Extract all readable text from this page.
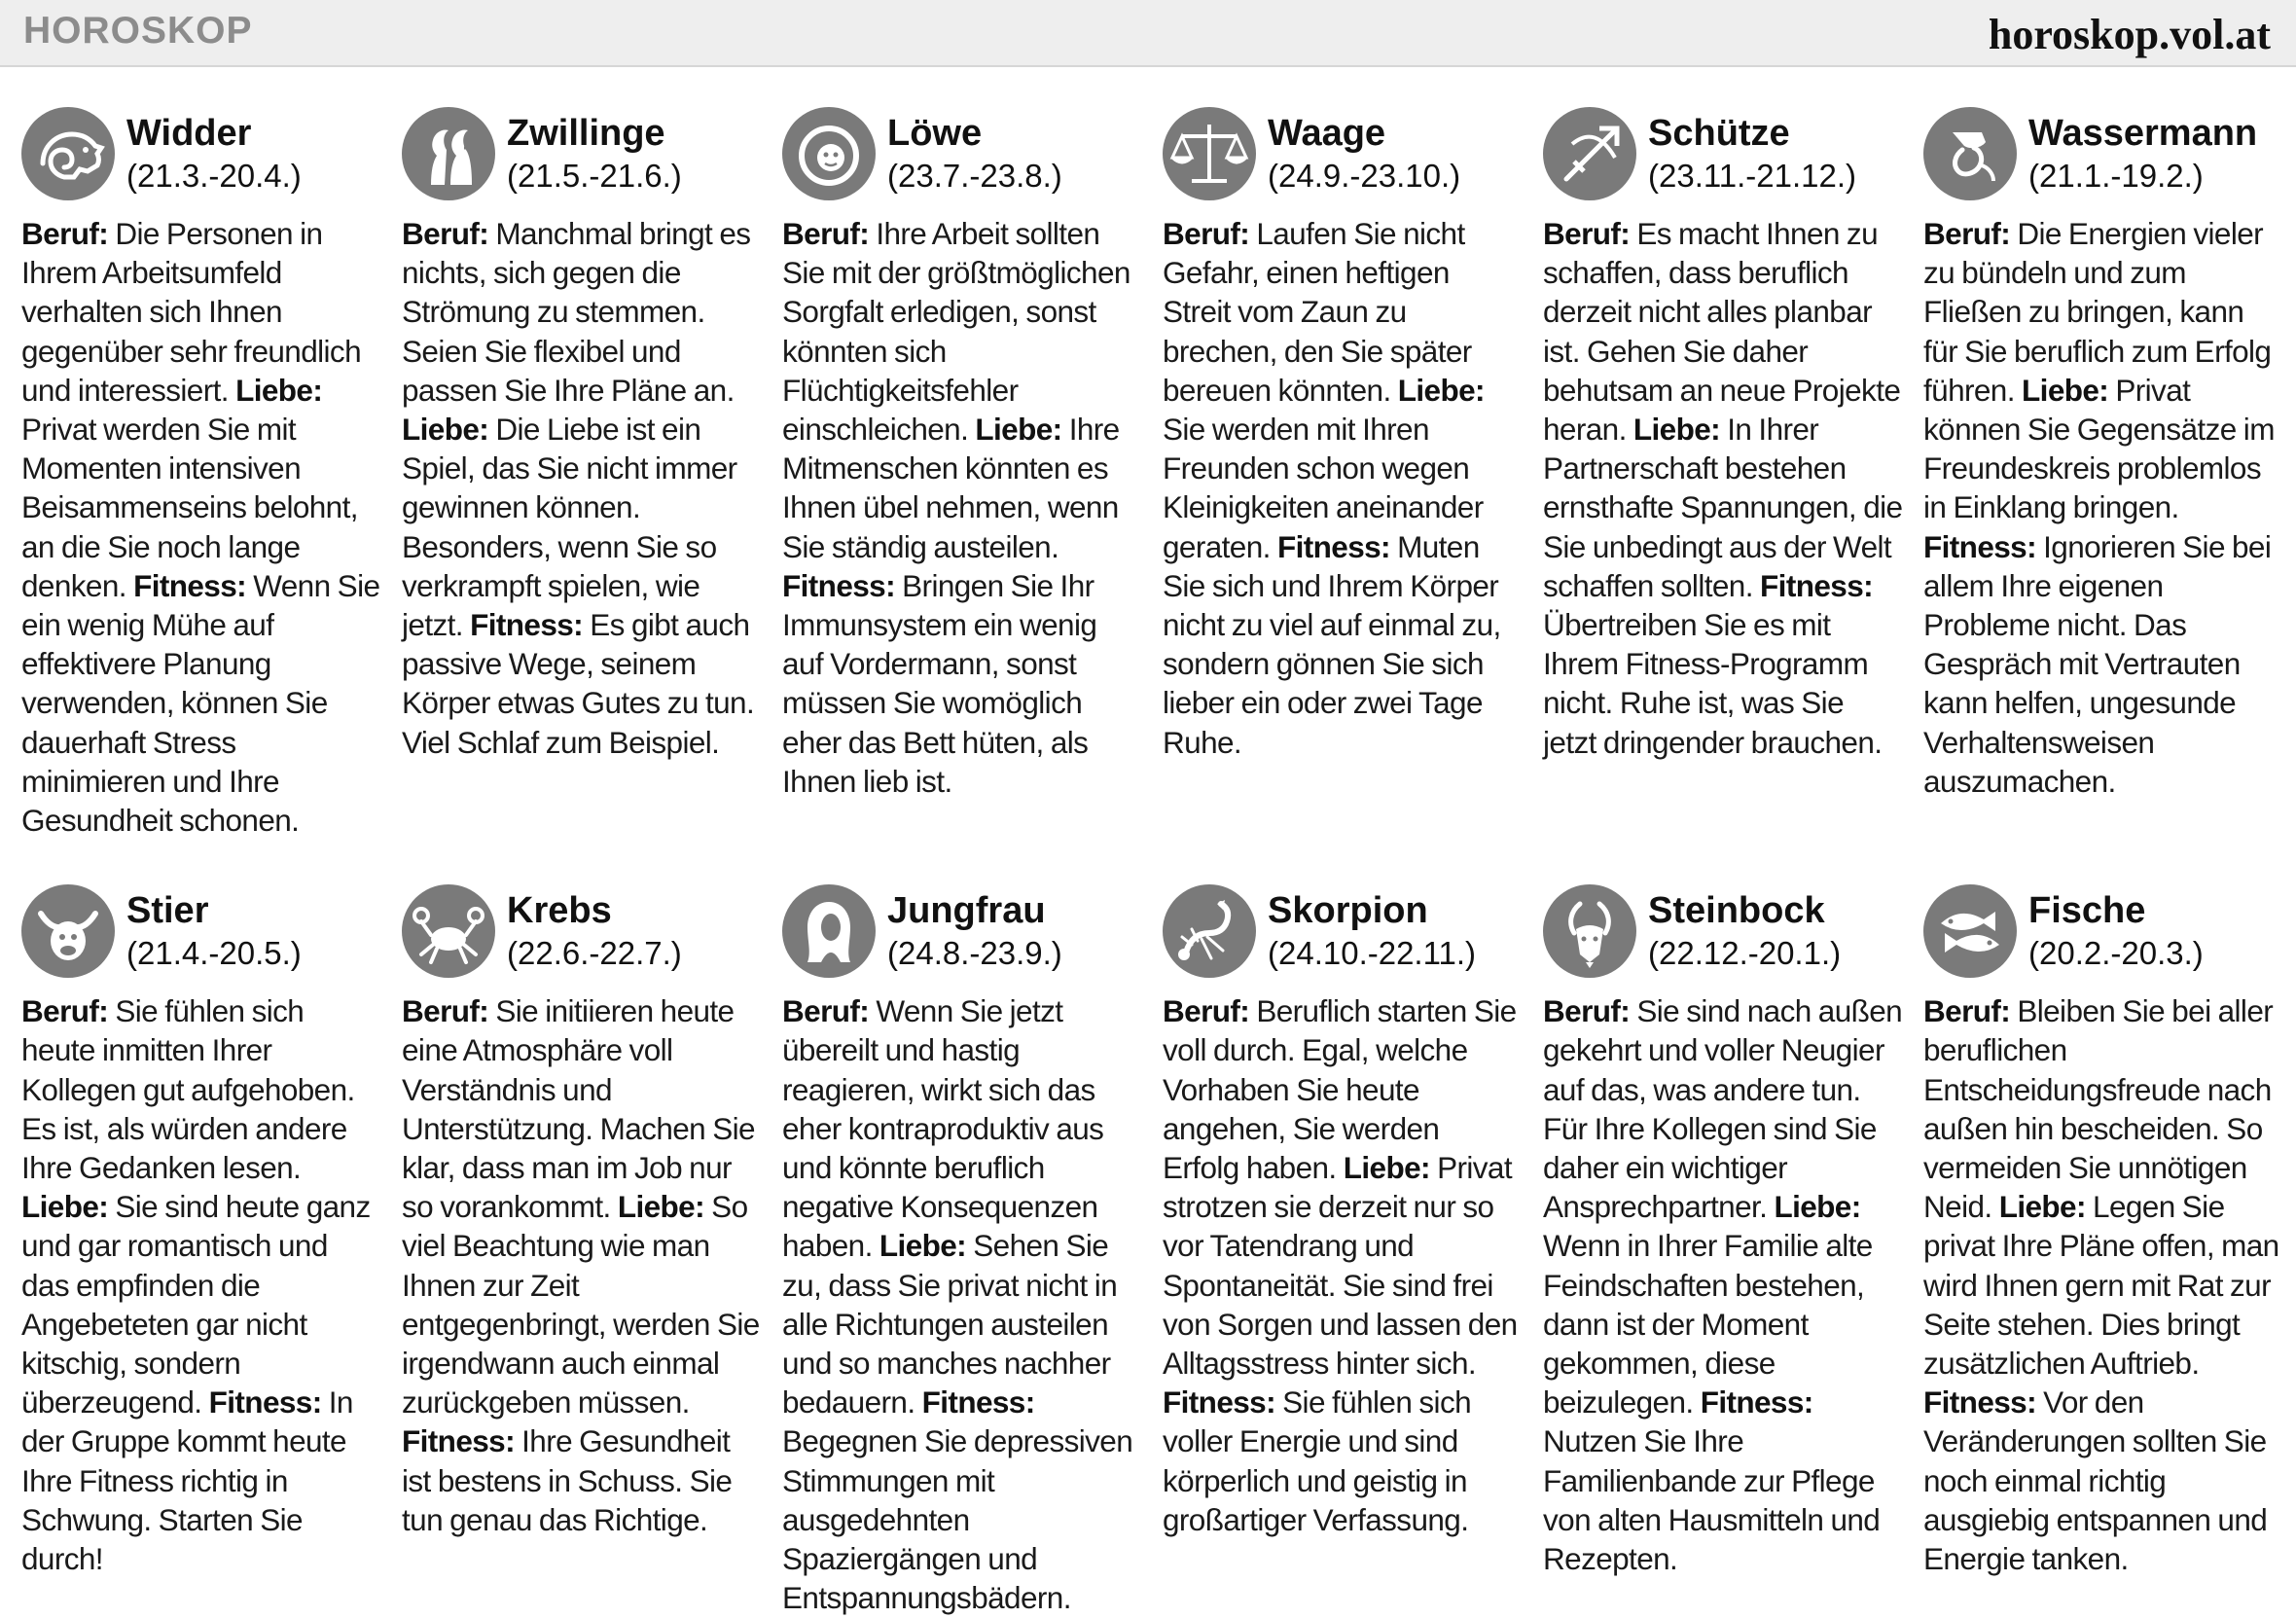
HOROSKOP	horoskop.vol.at
Widder
(21.3.-20.4.)

Beruf: Die Personen in Ihrem Arbeitsumfeld verhalten sich Ihnen gegenüber sehr freundlich und interessiert. Liebe: Privat werden Sie mit Momenten intensiven Beisammenseins belohnt, an die Sie noch lange denken. Fitness: Wenn Sie ein wenig Mühe auf effektivere Planung verwenden, können Sie dauerhaft Stress minimieren und Ihre Gesundheit schonen.

Zwillinge
(21.5.-21.6.)

Beruf: Manchmal bringt es nichts, sich gegen die Strömung zu stemmen. Seien Sie flexibel und passen Sie Ihre Pläne an. Liebe: Die Liebe ist ein Spiel, das Sie nicht immer gewinnen können. Besonders, wenn Sie so verkrampft spielen, wie jetzt. Fitness: Es gibt auch passive Wege, seinem Körper etwas Gutes zu tun. Viel Schlaf zum Beispiel.

Löwe
(23.7.-23.8.)

Beruf: Ihre Arbeit sollten Sie mit der größtmöglichen Sorgfalt erledigen, sonst könnten sich Flüchtigkeitsfehler einschleichen. Liebe: Ihre Mitmenschen könnten es Ihnen übel nehmen, wenn Sie ständig austeilen. Fitness: Bringen Sie Ihr Immunsystem ein wenig auf Vordermann, sonst müssen Sie womöglich eher das Bett hüten, als Ihnen lieb ist.

Waage
(24.9.-23.10.)

Beruf: Laufen Sie nicht Gefahr, einen heftigen Streit vom Zaun zu brechen, den Sie später bereuen könnten. Liebe: Sie werden mit Ihren Freunden schon wegen Kleinigkeiten aneinander geraten. Fitness: Muten Sie sich und Ihrem Körper nicht zu viel auf einmal zu, sondern gönnen Sie sich lieber ein oder zwei Tage Ruhe.

Schütze
(23.11.-21.12.)

Beruf: Es macht Ihnen zu schaffen, dass beruflich derzeit nicht alles planbar ist. Gehen Sie daher behutsam an neue Projekte heran. Liebe: In Ihrer Partnerschaft bestehen ernsthafte Spannungen, die Sie unbedingt aus der Welt schaffen sollten. Fitness: Übertreiben Sie es mit Ihrem Fitness-Programm nicht. Ruhe ist, was Sie jetzt dringender brauchen.

Wassermann
(21.1.-19.2.)

Beruf: Die Energien vieler zu bündeln und zum Fließen zu bringen, kann für Sie beruflich zum Erfolg führen. Liebe: Privat können Sie Gegensätze im Freundeskreis problemlos in Einklang bringen. Fitness: Ignorieren Sie bei allem Ihre eigenen Probleme nicht. Das Gespräch mit Vertrauten kann helfen, ungesunde Verhaltensweisen auszumachen.

Stier
(21.4.-20.5.)

Beruf: Sie fühlen sich heute inmitten Ihrer Kollegen gut aufgehoben. Es ist, als würden andere Ihre Gedanken lesen. Liebe: Sie sind heute ganz und gar romantisch und das empfinden die Angebeteten gar nicht kitschig, sondern überzeugend. Fitness: In der Gruppe kommt heute Ihre Fitness richtig in Schwung. Starten Sie durch!

Krebs
(22.6.-22.7.)

Beruf: Sie initiieren heute eine Atmosphäre voll Verständnis und Unterstützung. Machen Sie klar, dass man im Job nur so vorankommt. Liebe: So viel Beachtung wie man Ihnen zur Zeit entgegenbringt, werden Sie irgendwann auch einmal zurückgeben müssen. Fitness: Ihre Gesundheit ist bestens in Schuss. Sie tun genau das Richtige.

Jungfrau
(24.8.-23.9.)

Beruf: Wenn Sie jetzt übereilt und hastig reagieren, wirkt sich das eher kontraproduktiv aus und könnte beruflich negative Konsequenzen haben. Liebe: Sehen Sie zu, dass Sie privat nicht in alle Richtungen austeilen und so manches nachher bedauern. Fitness: Begegnen Sie depressiven Stimmungen mit ausgedehnten Spaziergängen und Entspannungsbädern.

Skorpion
(24.10.-22.11.)

Beruf: Beruflich starten Sie voll durch. Egal, welche Vorhaben Sie heute angehen, Sie werden Erfolg haben. Liebe: Privat strotzen sie derzeit nur so vor Tatendrang und Spontaneität. Sie sind frei von Sorgen und lassen den Alltagsstress hinter sich. Fitness: Sie fühlen sich voller Energie und sind körperlich und geistig in großartiger Verfassung.

Steinbock
(22.12.-20.1.)

Beruf: Sie sind nach außen gekehrt und voller Neugier auf das, was andere tun. Für Ihre Kollegen sind Sie daher ein wichtiger Ansprechpartner. Liebe: Wenn in Ihrer Familie alte Feindschaften bestehen, dann ist der Moment gekommen, diese beizulegen. Fitness: Nutzen Sie Ihre Familienbande zur Pflege von alten Hausmitteln und Rezepten.

Fische
(20.2.-20.3.)

Beruf: Bleiben Sie bei aller beruflichen Entscheidungsfreude nach außen hin bescheiden. So vermeiden Sie unnötigen Neid. Liebe: Legen Sie privat Ihre Pläne offen, man wird Ihnen gern mit Rat zur Seite stehen. Dies bringt zusätzlichen Auftrieb. Fitness: Vor den Veränderungen sollten Sie noch einmal richtig ausgiebig entspannen und Energie tanken.
